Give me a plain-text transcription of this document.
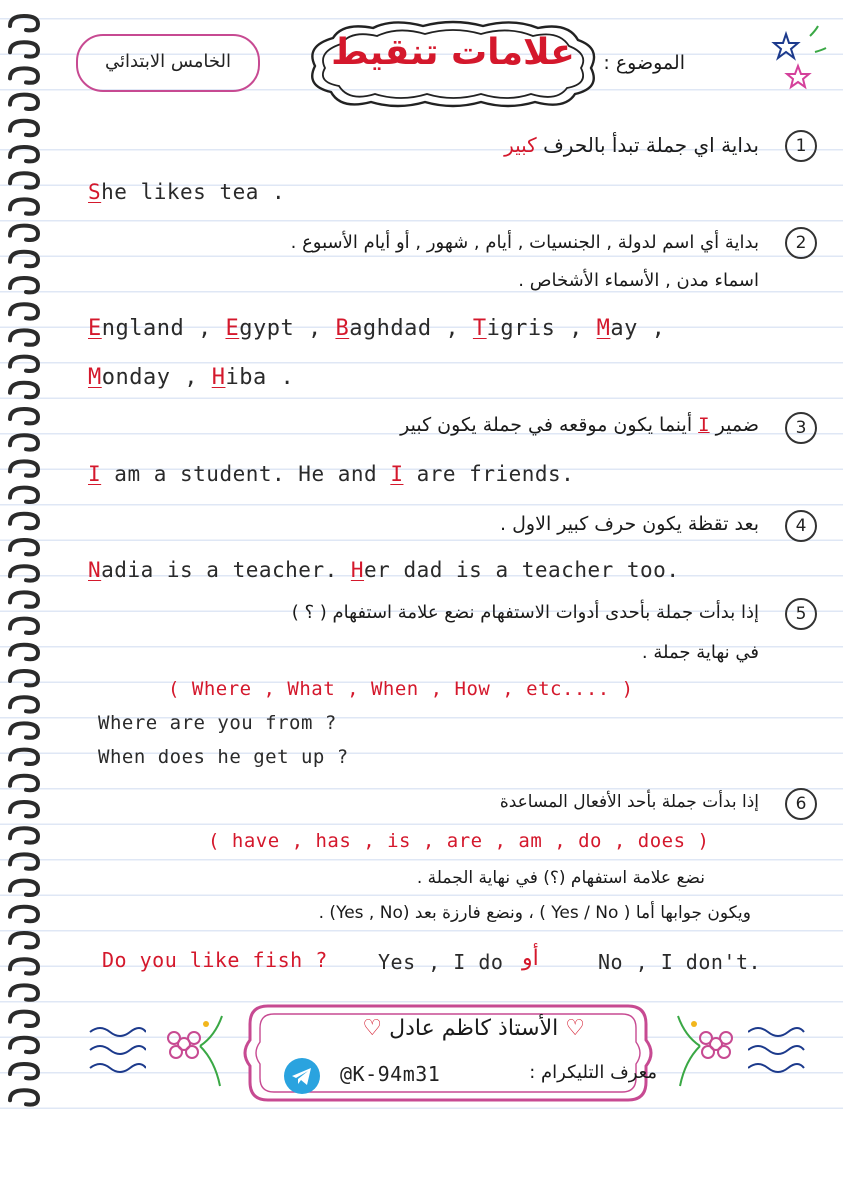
الخامس الابتدائي	علامات تنقيط	الموضوع :
1
بداية اي جملة تبدأ بالحرف كبير
She likes tea .
2
بداية أي اسم لدولة , الجنسيات , أيام , شهور , أو أيام الأسبوع .
اسماء مدن , الأسماء الأشخاص .
England , Egypt , Baghdad , Tigris , May ,
Monday , Hiba .
3
ضمير I أينما يكون موقعه في جملة يكون كبير
I am a student. He and I are friends.
4
بعد تقظة يكون حرف كبير الاول .
Nadia is a teacher. Her dad is a teacher too.
5
إذا بدأت جملة بأحدى أدوات الاستفهام نضع علامة استفهام ( ؟ )
في نهاية جملة .
( Where , What , When , How , etc.... )
Where are you from ?
When does he get up ?
6
إذا بدأت جملة بأحد الأفعال المساعدة
( have , has , is , are , am , do , does )
نضع علامة استفهام (؟) في نهاية الجملة .
ويكون جوابها أما ( Yes / No ) ، ونضع فارزة بعد (Yes , No) .
Do you like fish ?	Yes , I do أو	No , I don't.
♡ الأستاذ كاظم عادل ♡
@K-94m31	معرف التليكرام :
